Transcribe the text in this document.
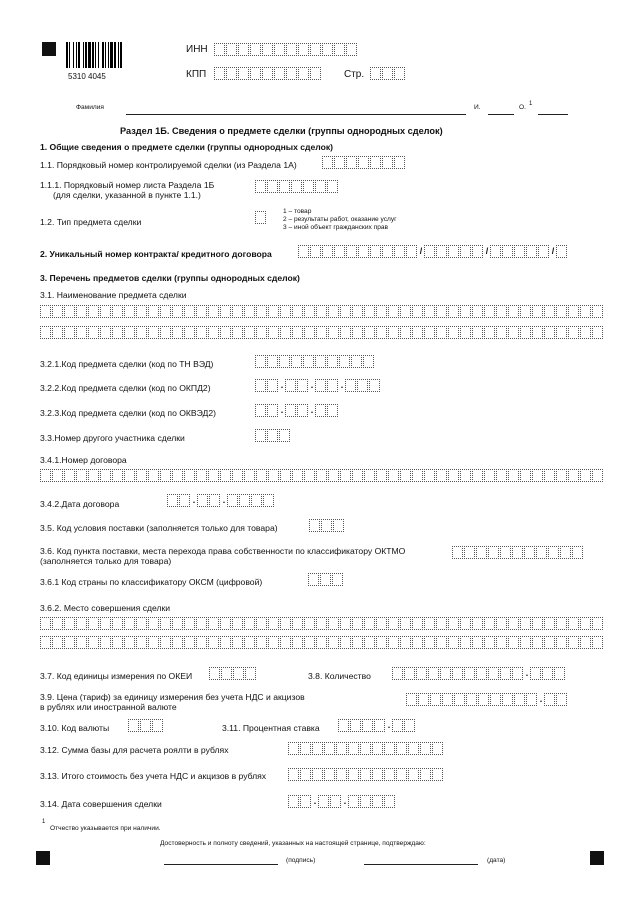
5310 4045
ИНН
КПП	Стр.
Фамилия	И.	О. 1
Раздел 1Б. Сведения о предмете сделки (группы однородных сделок)
1. Общие сведения о предмете сделки (группы однородных сделок)
1.1. Порядковый номер контролируемой сделки (из Раздела 1А)
1.1.1. Порядковый номер листа Раздела 1Б
(для сделки, указанной в пункте 1.1.)
1.2. Тип предмета сделки
1 – товар
2 – результаты работ, оказание услуг
3 – иной объект гражданских прав
2. Уникальный номер контракта/ кредитного договора	/	/	/
3. Перечень предметов сделки (группы однородных сделок)
3.1. Наименование предмета сделки
3.2.1.Код предмета сделки (код по ТН ВЭД)
3.2.2.Код предмета сделки (код по ОКПД2)	.	.	.
3.2.3.Код предмета сделки (код по ОКВЭД2)	.	.
3.3.Номер другого участника сделки
3.4.1.Номер договора
3.4.2.Дата договора	.	.
3.5. Код условия поставки (заполняется только для товара)
3.6. Код пункта поставки, места перехода права собственности по классификатору ОКТМО
(заполняется только для товара)
3.6.1 Код страны по классификатору ОКСМ (цифровой)
3.6.2. Место совершения сделки
3.7. Код единицы измерения по ОКЕИ	3.8. Количество	.
3.9. Цена (тариф) за единицу измерения без учета НДС и акцизов
в рублях или иностранной валюте
.
3.10. Код валюты	3.11. Процентная ставка	.
3.12. Сумма базы для расчета роялти в рублях
3.13. Итого стоимость без учета НДС и акцизов в рублях
3.14. Дата совершения сделки	.	.
1
Отчество указывается при наличии.
Достоверность и полноту сведений, указанных на настоящей странице, подтверждаю:
(подпись)	(дата)
